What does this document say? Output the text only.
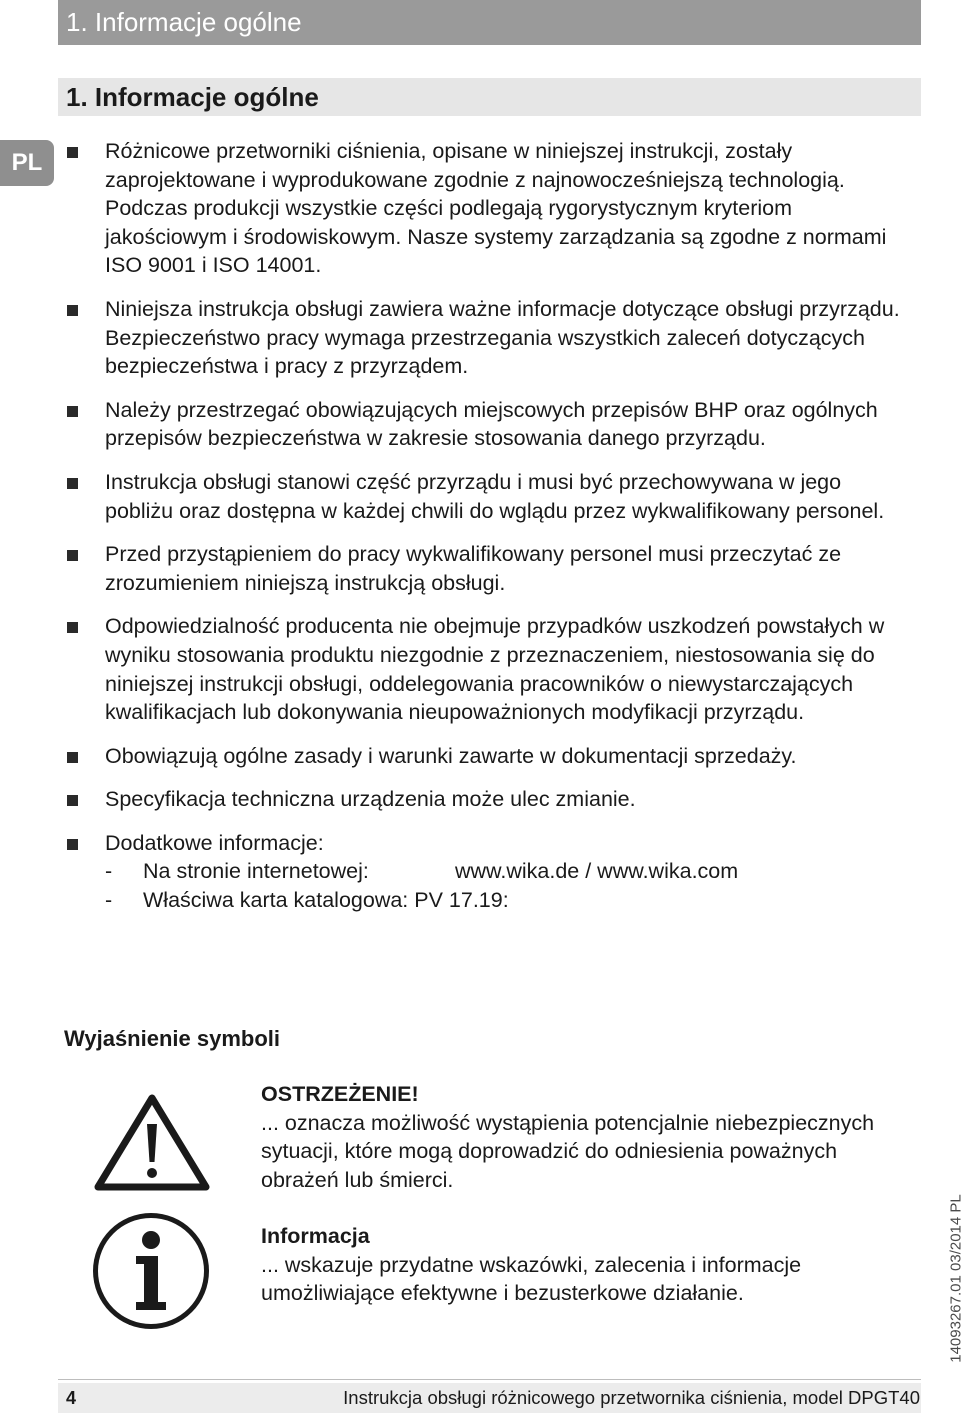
1. Informacje ogólne
1. Informacje ogólne
PL	Różnicowe przetworniki ciśnienia, opisane w niniejszej instrukcji, zostały zaprojektowane i wyprodukowane zgodnie z najnowocześniejszą technologią. Podczas produkcji wszystkie części podlegają rygorystycznym kryteriom jakościowym i środowiskowym. Nasze systemy zarządzania są zgodne z normami ISO 9001 i ISO 14001.
Niniejsza instrukcja obsługi zawiera ważne informacje dotyczące obsługi przyrządu. Bezpieczeństwo pracy wymaga przestrzegania wszystkich zaleceń dotyczących bezpieczeństwa i pracy z przyrządem.
Należy przestrzegać obowiązujących miejscowych przepisów BHP oraz ogólnych przepisów bezpieczeństwa w zakresie stosowania danego przyrządu.
Instrukcja obsługi stanowi część przyrządu i musi być przechowywana w jego pobliżu oraz dostępna w każdej chwili do wglądu przez wykwalifikowany personel.
Przed przystąpieniem do pracy wykwalifikowany personel musi przeczytać ze zrozumieniem niniejszą instrukcją obsługi.
Odpowiedzialność producenta nie obejmuje przypadków uszkodzeń powstałych w wyniku stosowania produktu niezgodnie z przeznaczeniem, niestosowania się do niniejszej instrukcji obsługi, oddelegowania pracowników o niewystarczających kwalifikacjach lub dokonywania nieupoważnionych modyfikacji przyrządu.
Obowiązują ogólne zasady i warunki zawarte w dokumentacji sprzedaży.
Specyfikacja techniczna urządzenia może ulec zmianie.
Dodatkowe informacje:
- Na stronie internetowej:	www.wika.de / www.wika.com
- Właściwa karta katalogowa: PV 17.19:
Wyjaśnienie symboli
OSTRZEŻENIE!
... oznacza możliwość wystąpienia potencjalnie niebezpiecznych sytuacji, które mogą doprowadzić do odniesienia poważnych obrażeń lub śmierci.
Informacja
... wskazuje przydatne wskazówki, zalecenia i informacje umożliwiające efektywne i bezusterkowe działanie.	14093267.01 03/2014 PL
4	Instrukcja obsługi różnicowego przetwornika ciśnienia, model DPGT40
